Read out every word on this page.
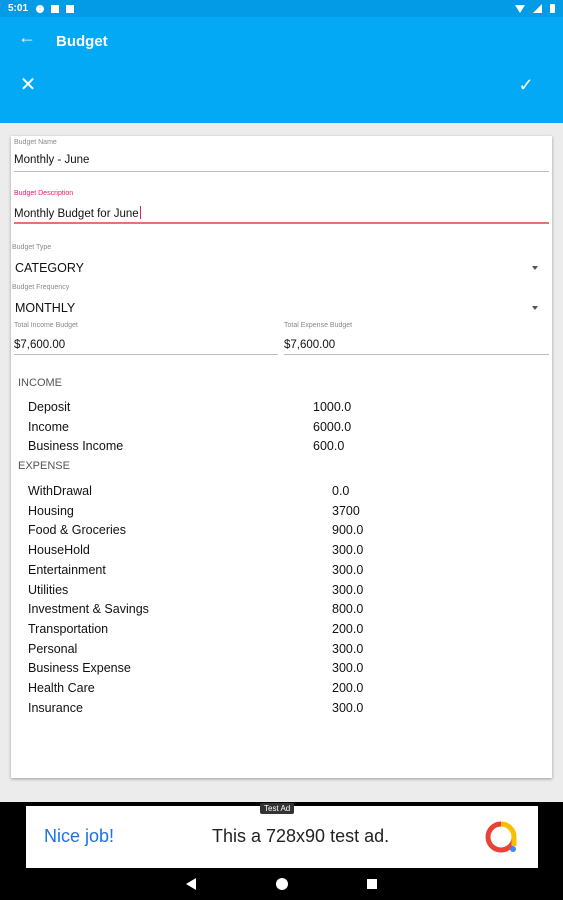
5:01
← Budget
✕	✓
Budget Name
Monthly - June
Budget Description
Monthly Budget for June
Budget Type
CATEGORY
Budget Frequency
MONTHLY
Total Income Budget
$7,600.00
Total Expense Budget
$7,600.00
INCOME
Deposit	1000.0
Income	6000.0
Business Income	600.0
EXPENSE
WithDrawal	0.0
Housing	3700
Food & Groceries	900.0
HouseHold	300.0
Entertainment	300.0
Utilities	300.0
Investment & Savings	800.0
Transportation	200.0
Personal	300.0
Business Expense	300.0
Health Care	200.0
Insurance	300.0
Test Ad
Nice job!	This a 728x90 test ad.
